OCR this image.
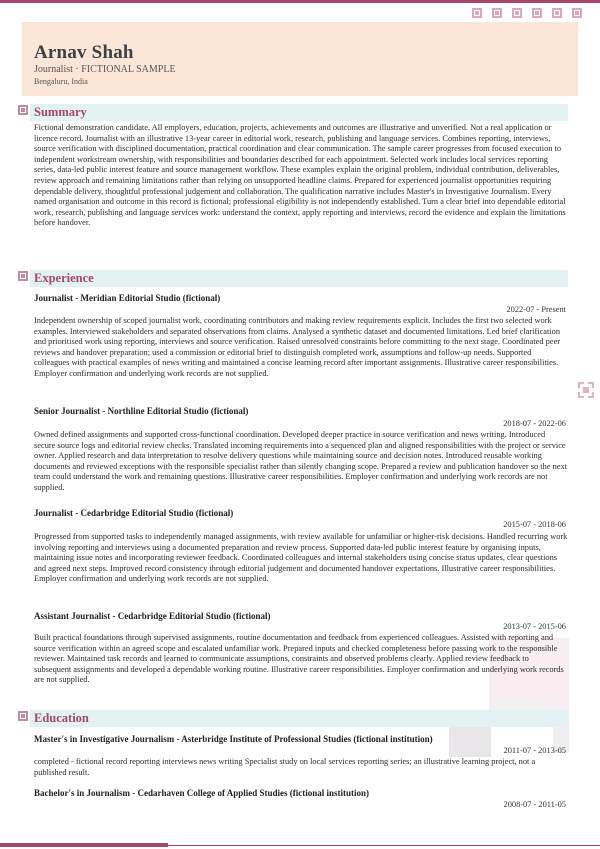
Arnav Shah
Journalist · FICTIONAL SAMPLE
Bengaluru, India
Summary
Fictional demonstration candidate. All employers, education, projects, achievements and outcomes are illustrative and unverified. Not a real application or licence record. Journalist with an illustrative 13-year career in editorial work, research, publishing and language services. Combines reporting, interviews, source verification with disciplined documentation, practical coordination and clear communication. The sample career progresses from focused execution to independent workstream ownership, with responsibilities and boundaries described for each appointment. Selected work includes local services reporting series, data-led public interest feature and source management workflow. These examples explain the original problem, individual contribution, deliverables, review approach and remaining limitations rather than relying on unsupported headline claims. Prepared for experienced journalist opportunities requiring dependable delivery, thoughtful professional judgement and collaboration. The qualification narrative includes Master's in Investigative Journalism. Every named organisation and outcome in this record is fictional; professional eligibility is not independently established. Turn a clear brief into dependable editorial work, research, publishing and language services work: understand the context, apply reporting and interviews, record the evidence and explain the limitations before handover.
Experience
Journalist - Meridian Editorial Studio (fictional)
2022-07 - Present
Independent ownership of scoped journalist work, coordinating contributors and making review requirements explicit. Includes the first two selected work examples. Interviewed stakeholders and separated observations from claims. Analysed a synthetic dataset and documented limitations. Led brief clarification and prioritised work using reporting, interviews and source verification. Raised unresolved constraints before committing to the next stage. Coordinated peer reviews and handover preparation; used a commission or editorial brief to distinguish completed work, assumptions and follow-up needs. Supported colleagues with practical examples of news writing and maintained a concise learning record after important assignments. Illustrative career responsibilities. Employer confirmation and underlying work records are not supplied.
Senior Journalist - Northline Editorial Studio (fictional)
2018-07 - 2022-06
Owned defined assignments and supported cross-functional coordination. Developed deeper practice in source verification and news writing. Introduced secure source logs and editorial review checks. Translated incoming requirements into a sequenced plan and aligned responsibilities with the project or service owner. Applied research and data interpretation to resolve delivery questions while maintaining source and decision notes. Introduced reusable working documents and reviewed exceptions with the responsible specialist rather than silently changing scope. Prepared a review and publication handover so the next team could understand the work and remaining questions. Illustrative career responsibilities. Employer confirmation and underlying work records are not supplied.
Journalist - Cedarbridge Editorial Studio (fictional)
2015-07 - 2018-06
Progressed from supported tasks to independently managed assignments, with review available for unfamiliar or higher-risk decisions. Handled recurring work involving reporting and interviews using a documented preparation and review process. Supported data-led public interest feature by organising inputs, maintaining issue notes and incorporating reviewer feedback. Coordinated colleagues and internal stakeholders using concise status updates, clear questions and agreed next steps. Improved record consistency through editorial judgement and documented handover expectations. Illustrative career responsibilities. Employer confirmation and underlying work records are not supplied.
Assistant Journalist - Cedarbridge Editorial Studio (fictional)
2013-07 - 2015-06
Built practical foundations through supervised assignments, routine documentation and feedback from experienced colleagues. Assisted with reporting and source verification within an agreed scope and escalated unfamiliar work. Prepared inputs and checked completeness before passing work to the responsible reviewer. Maintained task records and learned to communicate assumptions, constraints and observed problems clearly. Applied review feedback to subsequent assignments and developed a dependable working routine. Illustrative career responsibilities. Employer confirmation and underlying work records are not supplied.
Education
Master's in Investigative Journalism - Asterbridge Institute of Professional Studies (fictional institution)
2011-07 - 2013-05
completed - fictional record reporting interviews news writing Specialist study on local services reporting series; an illustrative learning project, not a published result.
Bachelor's in Journalism - Cedarhaven College of Applied Studies (fictional institution)
2008-07 - 2011-05
